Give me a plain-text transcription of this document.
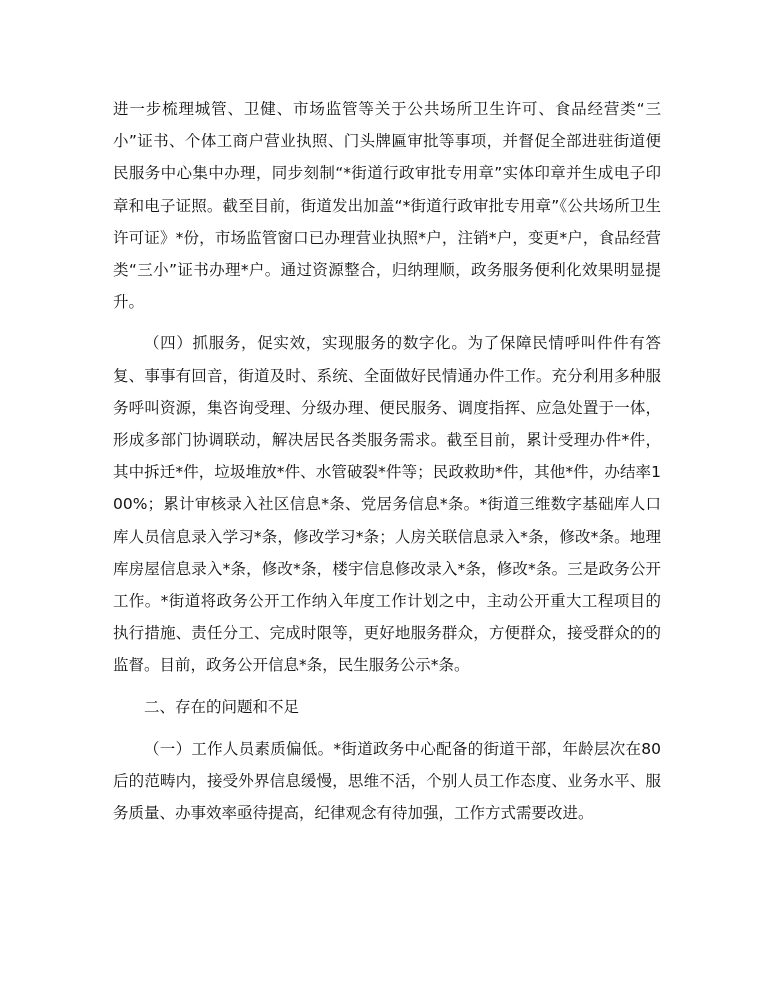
进一步梳理城管、卫健、市场监管等关于公共场所卫生许可、食品经营类“三小”证书、个体工商户营业执照、门头牌匾审批等事项，并督促全部进驻街道便民服务中心集中办理，同步刻制“*街道行政审批专用章”实体印章并生成电子印章和电子证照。截至目前，街道发出加盖“*街道行政审批专用章”《公共场所卫生许可证》*份，市场监管窗口已办理营业执照*户，注销*户，变更*户，食品经营类“三小”证书办理*户。通过资源整合，归纳理顺，政务服务便利化效果明显提升。

（四）抓服务，促实效，实现服务的数字化。为了保障民情呼叫件件有答复、事事有回音，街道及时、系统、全面做好民情通办件工作。充分利用多种服务呼叫资源，集咨询受理、分级办理、便民服务、调度指挥、应急处置于一体，形成多部门协调联动，解决居民各类服务需求。截至目前，累计受理办件*件，其中拆迁*件，垃圾堆放*件、水管破裂*件等；民政救助*件，其他*件，办结率100%；累计审核录入社区信息*条、党居务信息*条。*街道三维数字基础库人口库人员信息录入学习*条，修改学习*条；人房关联信息录入*条，修改*条。地理库房屋信息录入*条，修改*条，楼宇信息修改录入*条，修改*条。三是政务公开工作。*街道将政务公开工作纳入年度工作计划之中，主动公开重大工程项目的执行措施、责任分工、完成时限等，更好地服务群众，方便群众，接受群众的的监督。目前，政务公开信息*条，民生服务公示*条。

二、存在的问题和不足

（一）工作人员素质偏低。*街道政务中心配备的街道干部，年龄层次在80后的范畴内，接受外界信息缓慢，思维不活，个别人员工作态度、业务水平、服务质量、办事效率亟待提高，纪律观念有待加强，工作方式需要改进。
